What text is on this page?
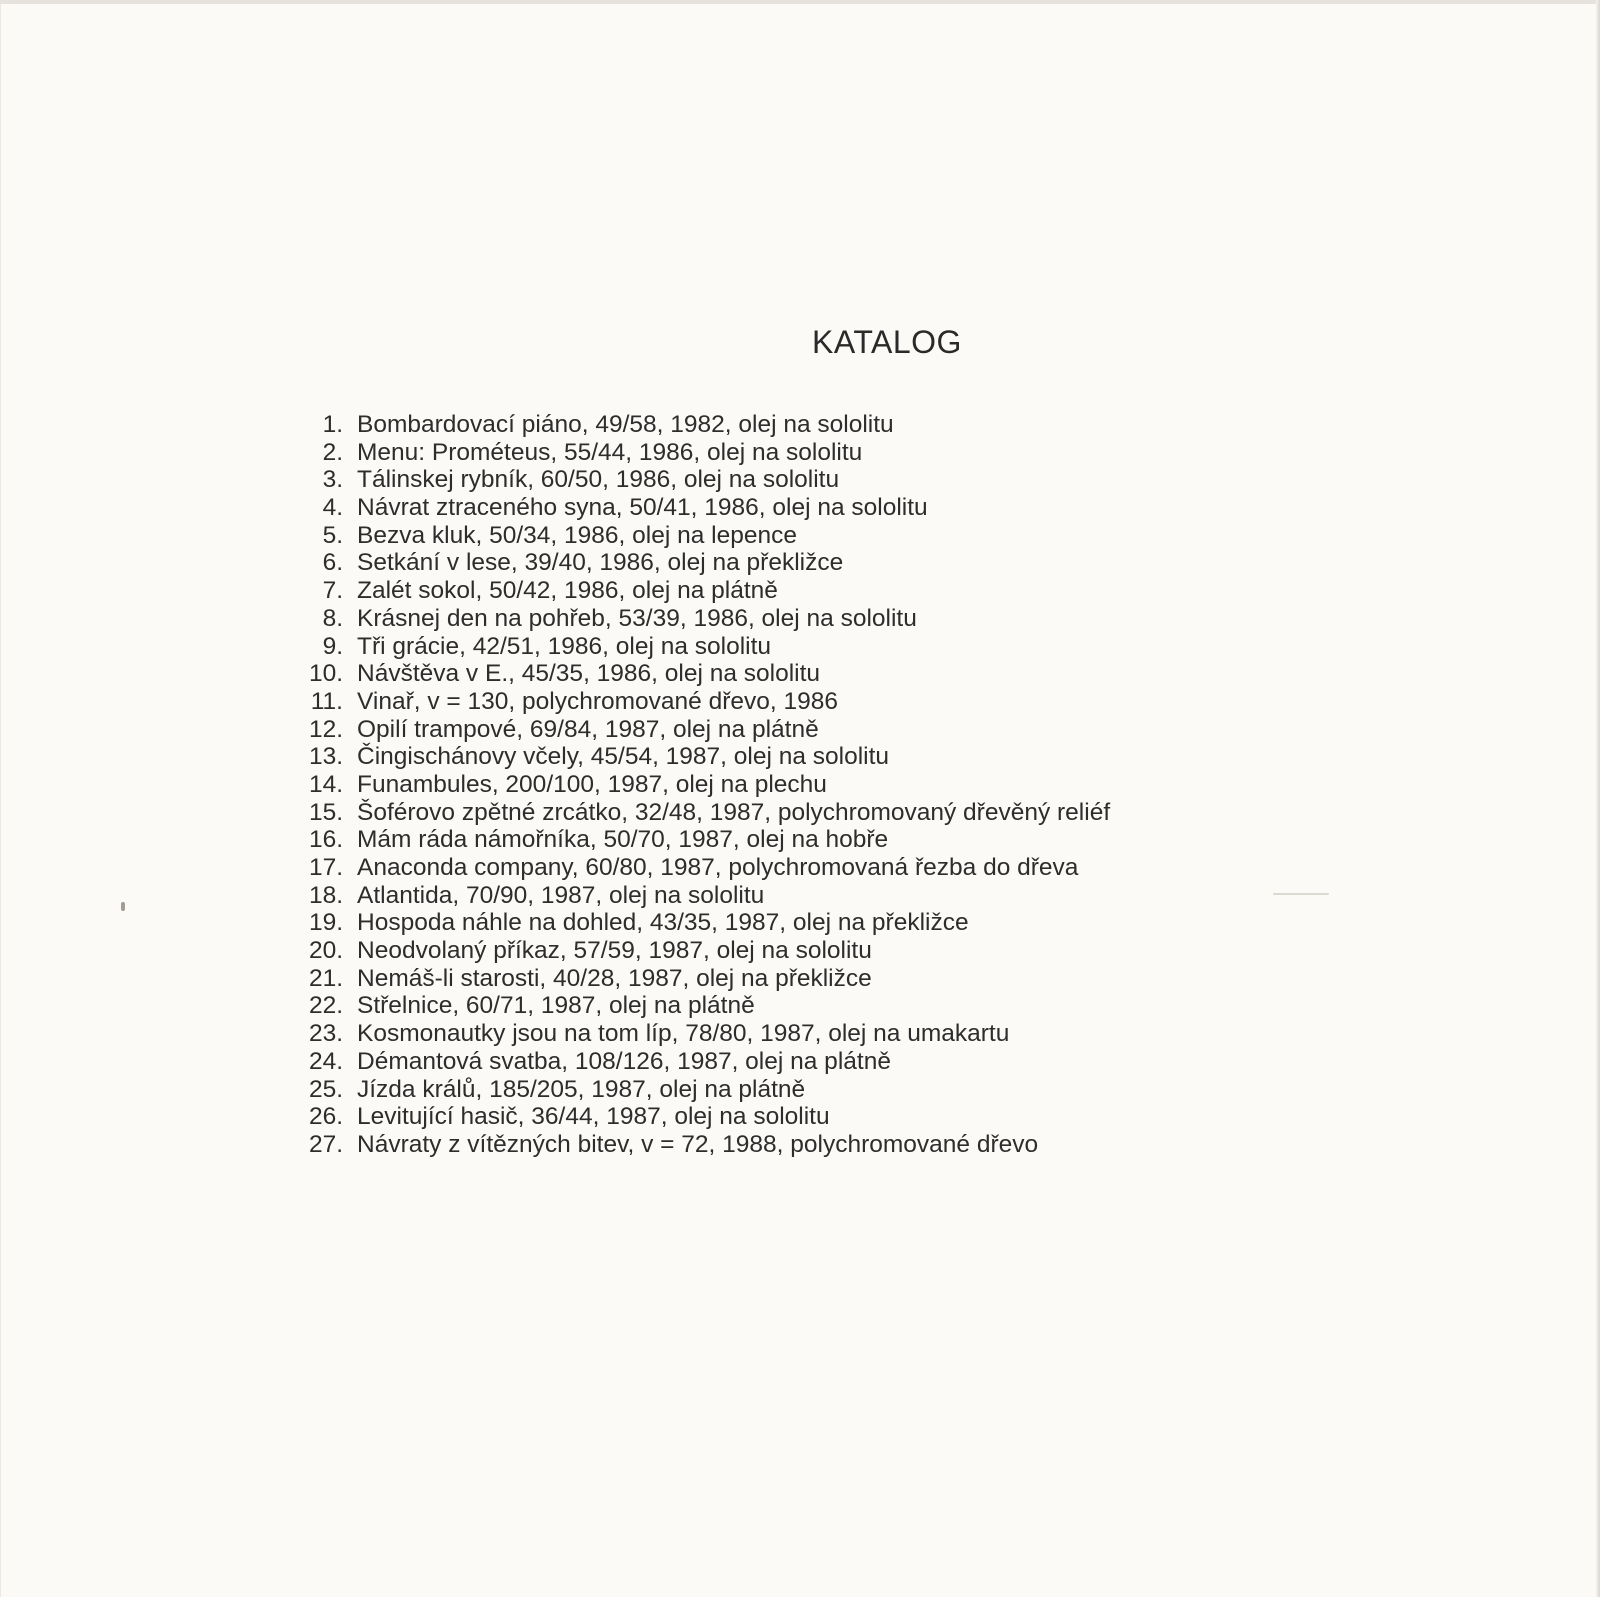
KATALOG
1. Bombardovací piáno, 49/58, 1982, olej na sololitu
2. Menu: Prométeus, 55/44, 1986, olej na sololitu
3. Tálinskej rybník, 60/50, 1986, olej na sololitu
4. Návrat ztraceného syna, 50/41, 1986, olej na sololitu
5. Bezva kluk, 50/34, 1986, olej na lepence
6. Setkání v lese, 39/40, 1986, olej na překližce
7. Zalét sokol, 50/42, 1986, olej na plátně
8. Krásnej den na pohřeb, 53/39, 1986, olej na sololitu
9. Tři grácie, 42/51, 1986, olej na sololitu
10. Návštěva v E., 45/35, 1986, olej na sololitu
11. Vinař, v = 130, polychromované dřevo, 1986
12. Opilí trampové, 69/84, 1987, olej na plátně
13. Čingischánovy včely, 45/54, 1987, olej na sololitu
14. Funambules, 200/100, 1987, olej na plechu
15. Šoférovo zpětné zrcátko, 32/48, 1987, polychromovaný dřevěný reliéf
16. Mám ráda námořníka, 50/70, 1987, olej na hobře
17. Anaconda company, 60/80, 1987, polychromovaná řezba do dřeva
18. Atlantida, 70/90, 1987, olej na sololitu
19. Hospoda náhle na dohled, 43/35, 1987, olej na překližce
20. Neodvolaný příkaz, 57/59, 1987, olej na sololitu
21. Nemáš-li starosti, 40/28, 1987, olej na překližce
22. Střelnice, 60/71, 1987, olej na plátně
23. Kosmonautky jsou na tom líp, 78/80, 1987, olej na umakartu
24. Démantová svatba, 108/126, 1987, olej na plátně
25. Jízda králů, 185/205, 1987, olej na plátně
26. Levitující hasič, 36/44, 1987, olej na sololitu
27. Návraty z vítězných bitev, v = 72, 1988, polychromované dřevo
